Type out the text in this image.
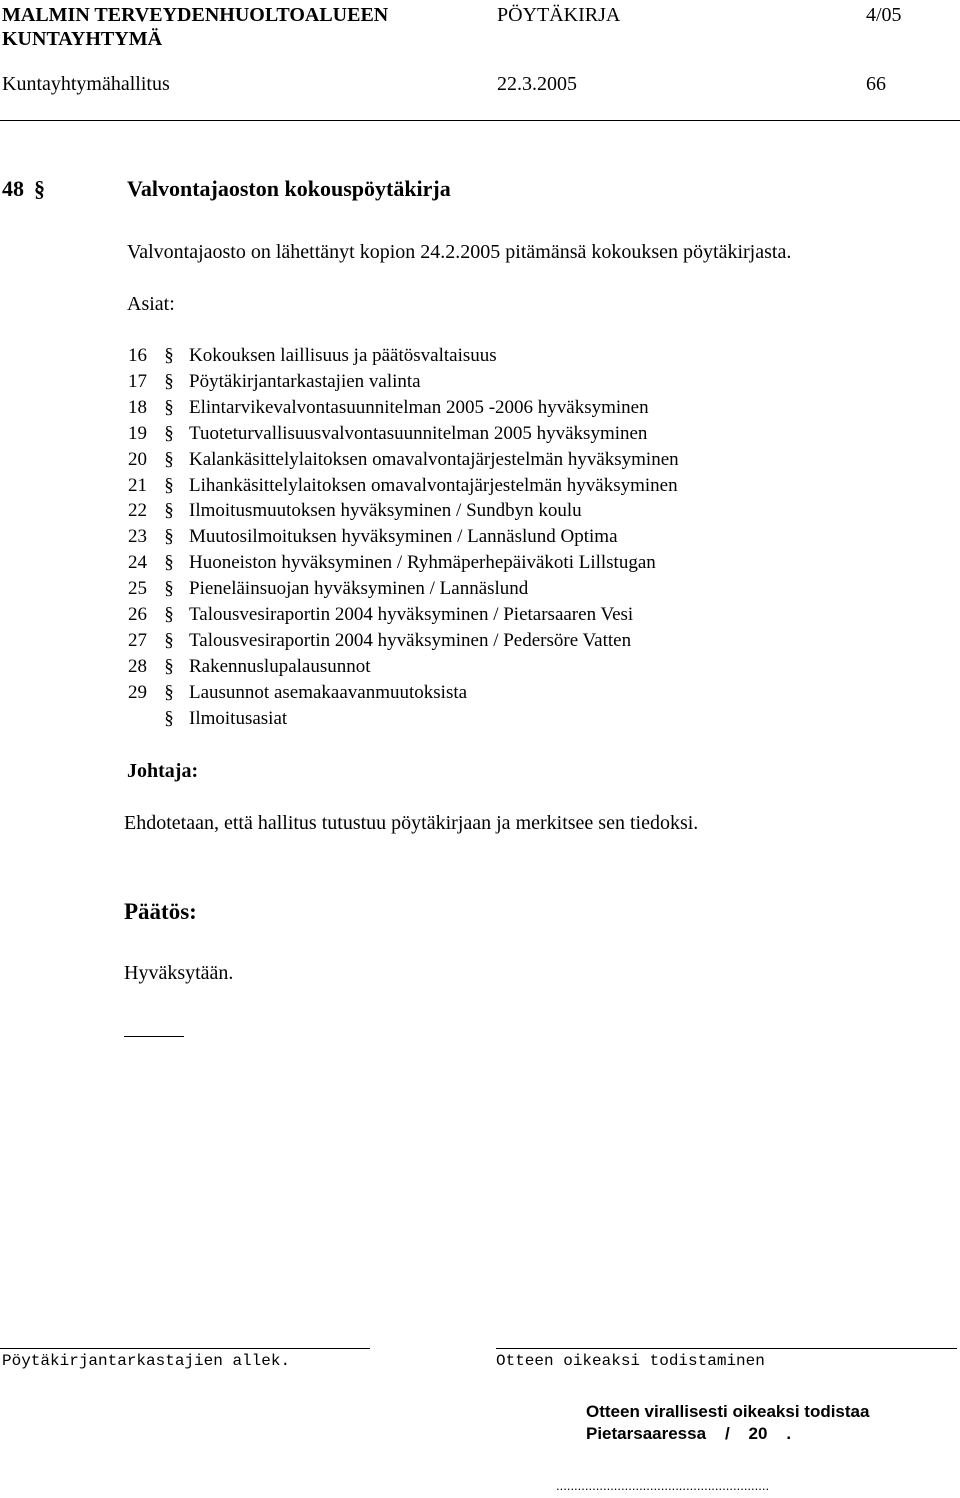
MALMIN TERVEYDENHUOLTOALUEEN
KUNTAYHTYMÄ
PÖYTÄKIRJA	4/05
Kuntayhtymähallitus	22.3.2005	66
48 §	Valvontajaoston kokouspöytäkirja
Valvontajaosto on lähettänyt kopion 24.2.2005 pitämänsä kokouksen pöytäkirjasta.
Asiat:
16 § Kokouksen laillisuus ja päätösvaltaisuus
17 § Pöytäkirjantarkastajien valinta
18 § Elintarvikevalvontasuunnitelman 2005 -2006 hyväksyminen
19 § Tuoteturvallisuusvalvontasuunnitelman 2005 hyväksyminen
20 § Kalankäsittelylaitoksen omavalvontajärjestelmän hyväksyminen
21 § Lihankäsittelylaitoksen omavalvontajärjestelmän hyväksyminen
22 § Ilmoitusmuutoksen hyväksyminen / Sundbyn koulu
23 § Muutosilmoituksen hyväksyminen / Lannäslund Optima
24 § Huoneiston hyväksyminen / Ryhmäperhepäiväkoti Lillstugan
25 § Pieneläinsuojan hyväksyminen / Lannäslund
26 § Talousvesiraportin 2004 hyväksyminen / Pietarsaaren Vesi
27 § Talousvesiraportin 2004 hyväksyminen / Pedersöre Vatten
28 § Rakennuslupalausunnot
29 § Lausunnot asemakaavanmuutoksista
§ Ilmoitusasiat
Johtaja:
Ehdotetaan, että hallitus tutustuu pöytäkirjaan ja merkitsee sen tiedoksi.
Päätös:
Hyväksytään.
Pöytäkirjantarkastajien allek.	Otteen oikeaksi todistaminen
Otteen virallisesti oikeaksi todistaa
Pietarsaaressa    /    20    .
...........................................................
